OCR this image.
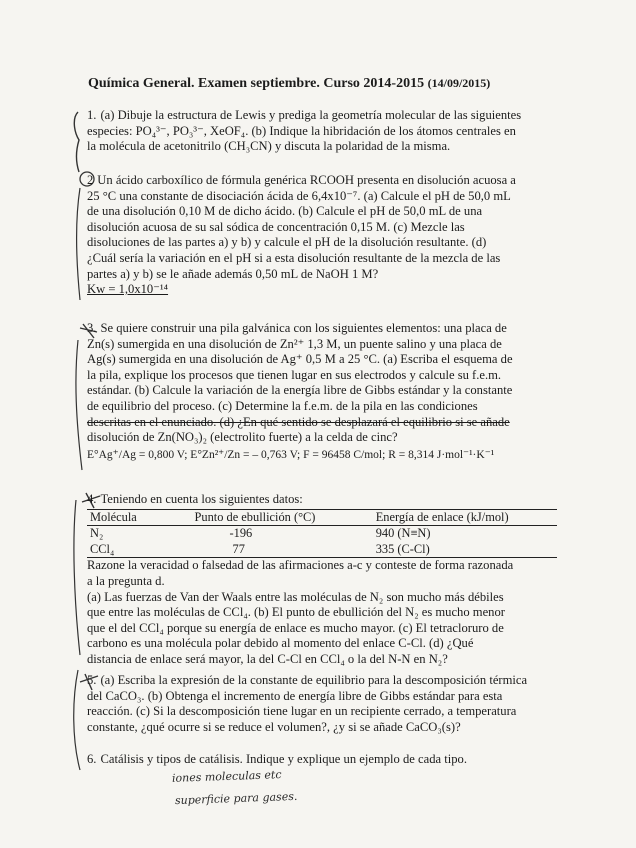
Química General. Examen septiembre. Curso 2014-2015 (14/09/2015)
1. (a) Dibuje la estructura de Lewis y prediga la geometría molecular de las siguientes
especies: PO₄³⁻, PO₃³⁻, XeOF₄. (b) Indique la hibridación de los átomos centrales en
la molécula de acetonitrilo (CH₃CN) y discuta la polaridad de la misma.
2 Un ácido carboxílico de fórmula genérica RCOOH presenta en disolución acuosa a
25 °C una constante de disociación ácida de 6,4x10⁻⁷. (a) Calcule el pH de 50,0 mL
de una disolución 0,10 M de dicho ácido. (b) Calcule el pH de 50,0 mL de una
disolución acuosa de su sal sódica de concentración 0,15 M. (c) Mezcle las
disoluciones de las partes a) y b) y calcule el pH de la disolución resultante. (d)
¿Cuál sería la variación en el pH si a esta disolución resultante de la mezcla de las
partes a) y b) se le añade además 0,50 mL de NaOH 1 M?
Kw = 1,0x10⁻¹⁴
3. Se quiere construir una pila galvánica con los siguientes elementos: una placa de
Zn(s) sumergida en una disolución de Zn²⁺ 1,3 M, un puente salino y una placa de
Ag(s) sumergida en una disolución de Ag⁺ 0,5 M a 25 °C. (a) Escriba el esquema de
la pila, explique los procesos que tienen lugar en sus electrodos y calcule su f.e.m.
estándar. (b) Calcule la variación de la energía libre de Gibbs estándar y la constante
de equilibrio del proceso. (c) Determine la f.e.m. de la pila en las condiciones
descritas en el enunciado. (d) ¿En qué sentido se desplazará el equilibrio si se añade
disolución de Zn(NO₃)₂ (electrolito fuerte) a la celda de cinc?
E°Ag⁺/Ag = 0,800 V; E°Zn²⁺/Zn = – 0,763 V; F = 96458 C/mol; R = 8,314 J·mol⁻¹·K⁻¹
4. Teniendo en cuenta los siguientes datos:
Molécula	Punto de ebullición (°C)	Energía de enlace (kJ/mol)
N₂	-196	940 (N≡N)
CCl₄	77	335 (C-Cl)
Razone la veracidad o falsedad de las afirmaciones a-c y conteste de forma razonada
a la pregunta d.
(a) Las fuerzas de Van der Waals entre las moléculas de N₂ son mucho más débiles
que entre las moléculas de CCl₄. (b) El punto de ebullición del N₂ es mucho menor
que el del CCl₄ porque su energía de enlace es mucho mayor. (c) El tetracloruro de
carbono es una molécula polar debido al momento del enlace C-Cl. (d) ¿Qué
distancia de enlace será mayor, la del C-Cl en CCl₄ o la del N-N en N₂?
5. (a) Escriba la expresión de la constante de equilibrio para la descomposición térmica
del CaCO₃. (b) Obtenga el incremento de energía libre de Gibbs estándar para esta
reacción. (c) Si la descomposición tiene lugar en un recipiente cerrado, a temperatura
constante, ¿qué ocurre si se reduce el volumen?, ¿y si se añade CaCO₃(s)?
6. Catálisis y tipos de catálisis. Indique y explique un ejemplo de cada tipo.
iones moleculas etc
superficie para gases.
